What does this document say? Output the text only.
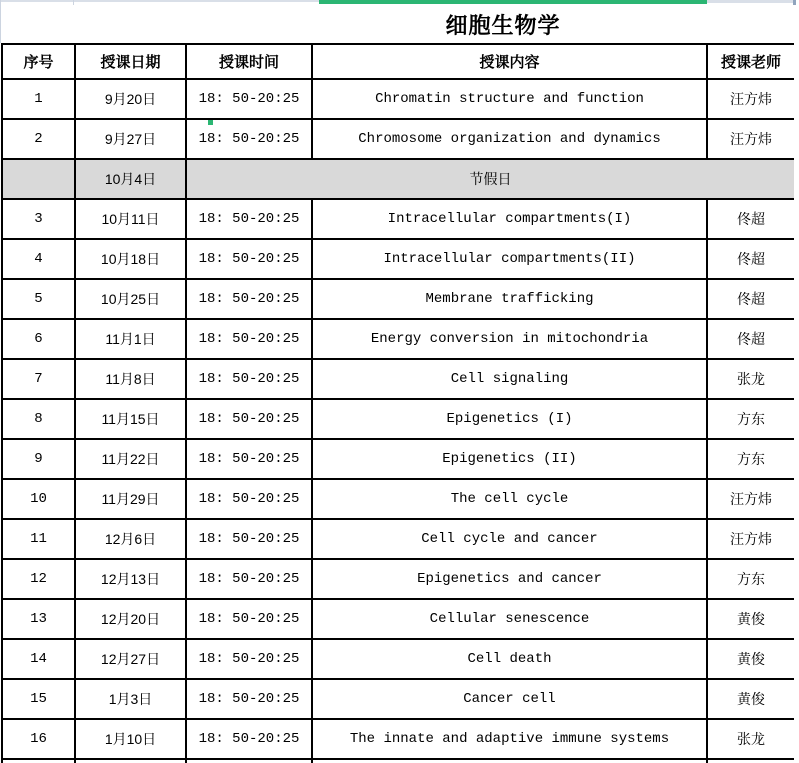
细胞生物学
序号	授课日期	授课时间	授课内容	授课老师
1	9月20日	18: 50-20:25	Chromatin structure and function	汪方炜
2	9月27日	18: 50-20:25	Chromosome organization and dynamics	汪方炜
	10月4日	节假日		
3	10月11日	18: 50-20:25	Intracellular compartments(I)	佟超
4	10月18日	18: 50-20:25	Intracellular compartments(II)	佟超
5	10月25日	18: 50-20:25	Membrane trafficking	佟超
6	11月1日	18: 50-20:25	Energy conversion in mitochondria	佟超
7	11月8日	18: 50-20:25	Cell signaling	张龙
8	11月15日	18: 50-20:25	Epigenetics (I)	方东
9	11月22日	18: 50-20:25	Epigenetics (II)	方东
10	11月29日	18: 50-20:25	The cell cycle	汪方炜
11	12月6日	18: 50-20:25	Cell cycle and cancer	汪方炜
12	12月13日	18: 50-20:25	Epigenetics and cancer	方东
13	12月20日	18: 50-20:25	Cellular senescence	黄俊
14	12月27日	18: 50-20:25	Cell death	黄俊
15	1月3日	18: 50-20:25	Cancer cell	黄俊
16	1月10日	18: 50-20:25	The innate and adaptive immune systems	张龙
